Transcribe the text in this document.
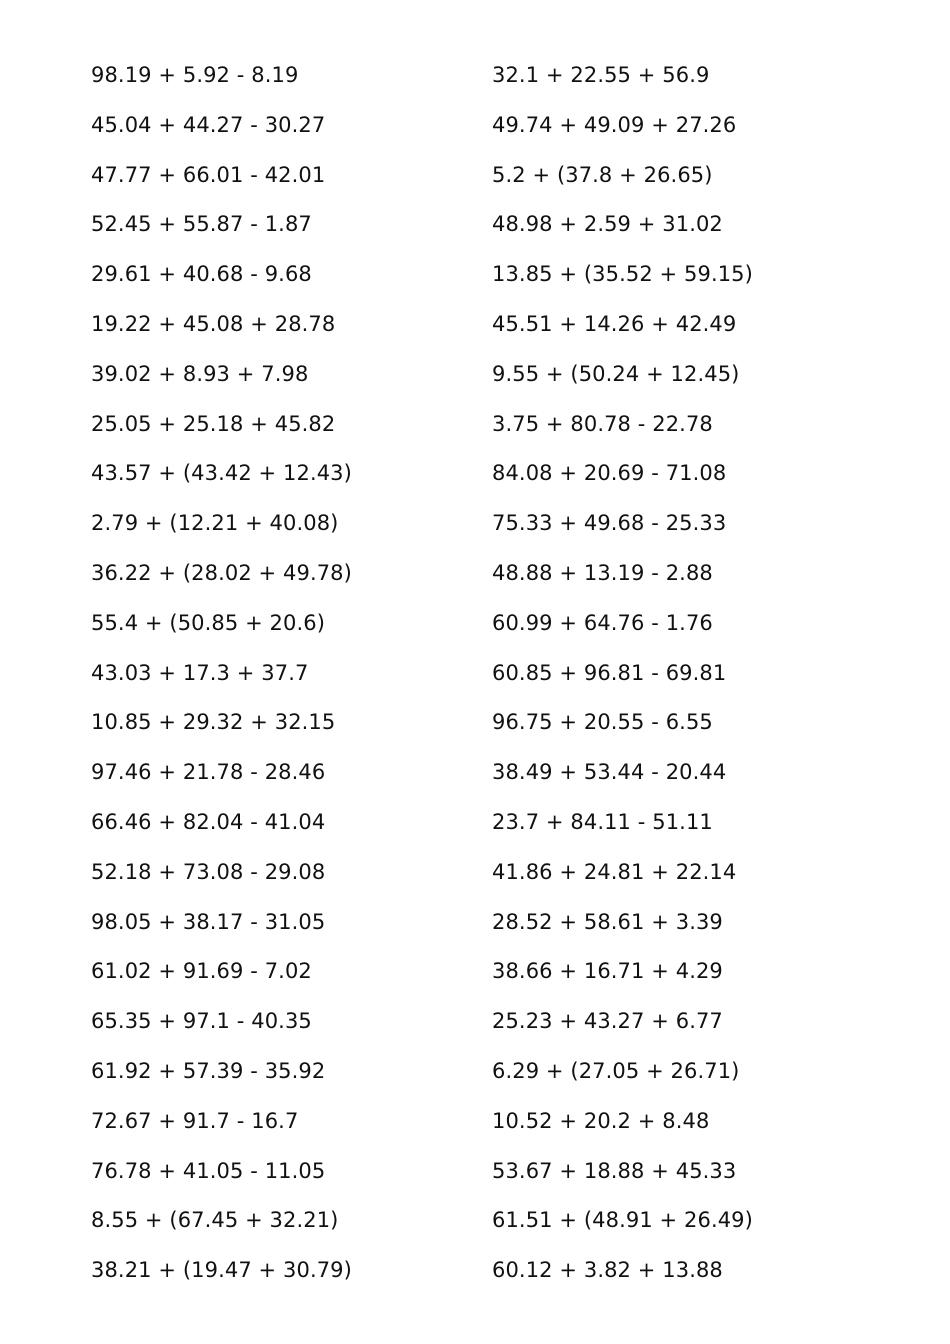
98.19 + 5.92 - 8.19
45.04 + 44.27 - 30.27
47.77 + 66.01 - 42.01
52.45 + 55.87 - 1.87
29.61 + 40.68 - 9.68
19.22 + 45.08 + 28.78
39.02 + 8.93 + 7.98
25.05 + 25.18 + 45.82
43.57 + (43.42 + 12.43)
2.79 + (12.21 + 40.08)
36.22 + (28.02 + 49.78)
55.4 + (50.85 + 20.6)
43.03 + 17.3 + 37.7
10.85 + 29.32 + 32.15
97.46 + 21.78 - 28.46
66.46 + 82.04 - 41.04
52.18 + 73.08 - 29.08
98.05 + 38.17 - 31.05
61.02 + 91.69 - 7.02
65.35 + 97.1 - 40.35
61.92 + 57.39 - 35.92
72.67 + 91.7 - 16.7
76.78 + 41.05 - 11.05
8.55 + (67.45 + 32.21)
38.21 + (19.47 + 30.79)
32.1 + 22.55 + 56.9
49.74 + 49.09 + 27.26
5.2 + (37.8 + 26.65)
48.98 + 2.59 + 31.02
13.85 + (35.52 + 59.15)
45.51 + 14.26 + 42.49
9.55 + (50.24 + 12.45)
3.75 + 80.78 - 22.78
84.08 + 20.69 - 71.08
75.33 + 49.68 - 25.33
48.88 + 13.19 - 2.88
60.99 + 64.76 - 1.76
60.85 + 96.81 - 69.81
96.75 + 20.55 - 6.55
38.49 + 53.44 - 20.44
23.7 + 84.11 - 51.11
41.86 + 24.81 + 22.14
28.52 + 58.61 + 3.39
38.66 + 16.71 + 4.29
25.23 + 43.27 + 6.77
6.29 + (27.05 + 26.71)
10.52 + 20.2 + 8.48
53.67 + 18.88 + 45.33
61.51 + (48.91 + 26.49)
60.12 + 3.82 + 13.88
